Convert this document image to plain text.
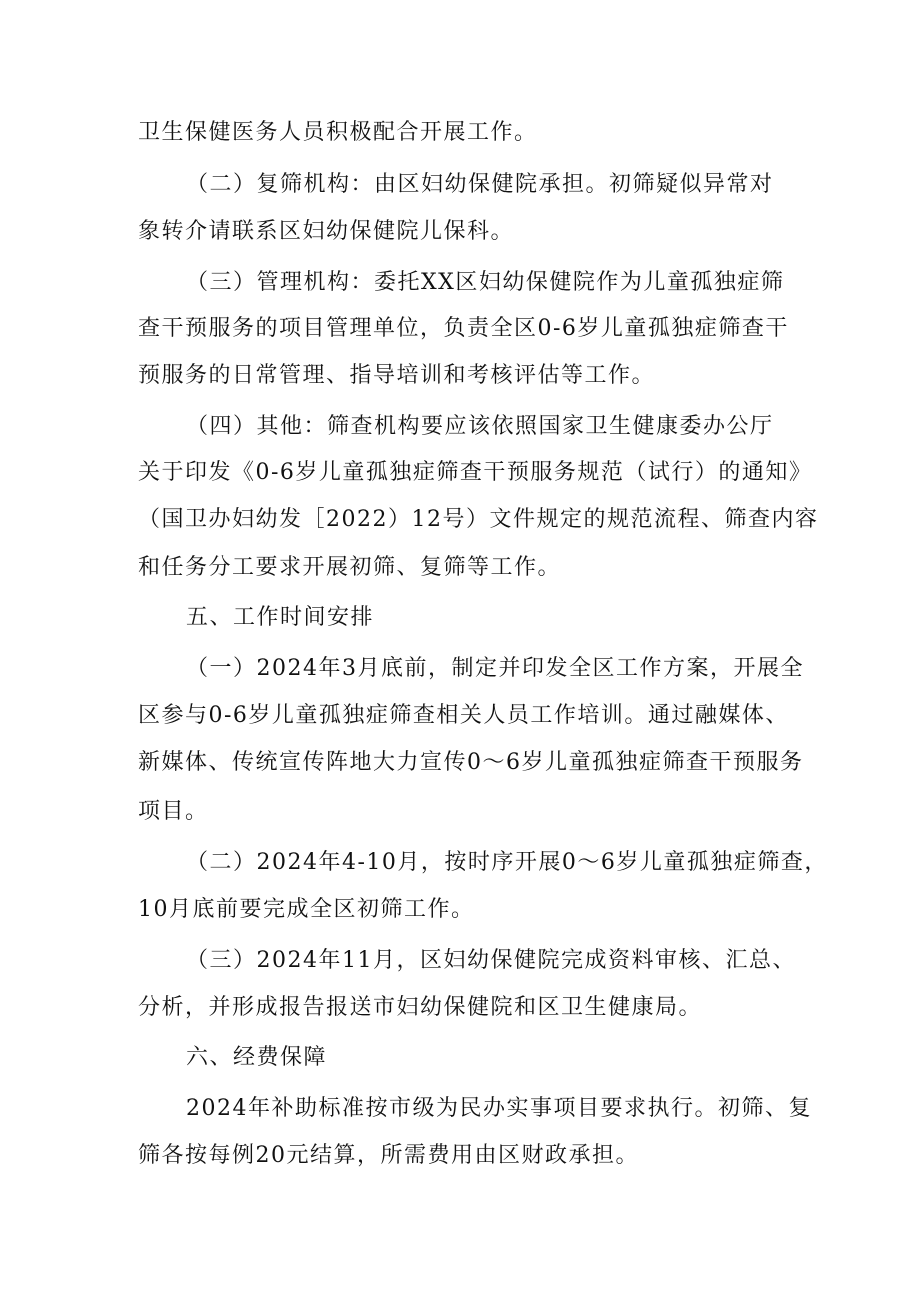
卫生保健医务人员积极配合开展工作。
（二）复筛机构：由区妇幼保健院承担。初筛疑似异常对
象转介请联系区妇幼保健院儿保科。
（三）管理机构：委托XX区妇幼保健院作为儿童孤独症筛
查干预服务的项目管理单位，负责全区0-6岁儿童孤独症筛查干
预服务的日常管理、指导培训和考核评估等工作。
（四）其他：筛查机构要应该依照国家卫生健康委办公厅
关于印发《0-6岁儿童孤独症筛查干预服务规范（试行）的通知》
（国卫办妇幼发［2022）12号）文件规定的规范流程、筛查内容
和任务分工要求开展初筛、复筛等工作。
五、工作时间安排
（一）2024年3月底前，制定并印发全区工作方案，开展全
区参与0-6岁儿童孤独症筛查相关人员工作培训。通过融媒体、
新媒体、传统宣传阵地大力宣传0～6岁儿童孤独症筛查干预服务
项目。
（二）2024年4-10月，按时序开展0～6岁儿童孤独症筛查，
10月底前要完成全区初筛工作。
（三）2024年11月，区妇幼保健院完成资料审核、汇总、
分析，并形成报告报送市妇幼保健院和区卫生健康局。
六、经费保障
2024年补助标准按市级为民办实事项目要求执行。初筛、复
筛各按每例20元结算，所需费用由区财政承担。
